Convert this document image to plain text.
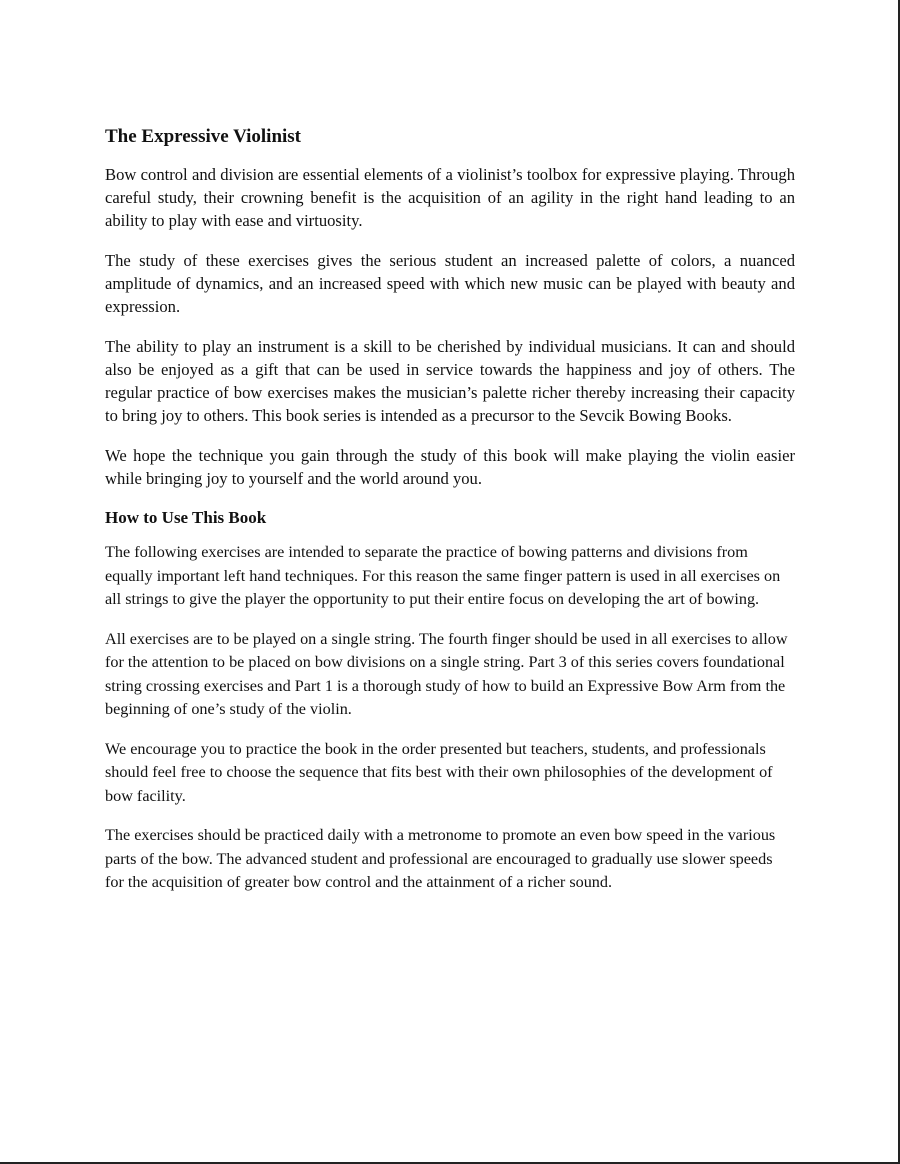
The Expressive Violinist

Bow control and division are essential elements of a violinist’s toolbox for expressive playing. Through careful study, their crowning benefit is the acquisition of an agility in the right hand leading to an ability to play with ease and virtuosity.

The study of these exercises gives the serious student an increased palette of colors, a nuanced amplitude of dynamics, and an increased speed with which new music can be played with beauty and expression.

The ability to play an instrument is a skill to be cherished by individual musicians. It can and should also be enjoyed as a gift that can be used in service towards the happiness and joy of others. The regular practice of bow exercises makes the musician’s palette richer thereby increasing their capacity to bring joy to others. This book series is intended as a precursor to the Sevcik Bowing Books.

We hope the technique you gain through the study of this book will make playing the violin easier while bringing joy to yourself and the world around you.

How to Use This Book

The following exercises are intended to separate the practice of bowing patterns and divisions from equally important left hand techniques. For this reason the same finger pattern is used in all exercises on all strings to give the player the opportunity to put their entire focus on developing the art of bowing.

All exercises are to be played on a single string. The fourth finger should be used in all exercises to allow for the attention to be placed on bow divisions on a single string. Part 3 of this series covers foundational string crossing exercises and Part 1 is a thorough study of how to build an Expressive Bow Arm from the beginning of one’s study of the violin.

We encourage you to practice the book in the order presented but teachers, students, and professionals should feel free to choose the sequence that fits best with their own philosophies of the development of bow facility.

The exercises should be practiced daily with a metronome to promote an even bow speed in the various parts of the bow. The advanced student and professional are encouraged to gradually use slower speeds for the acquisition of greater bow control and the attainment of a richer sound.
